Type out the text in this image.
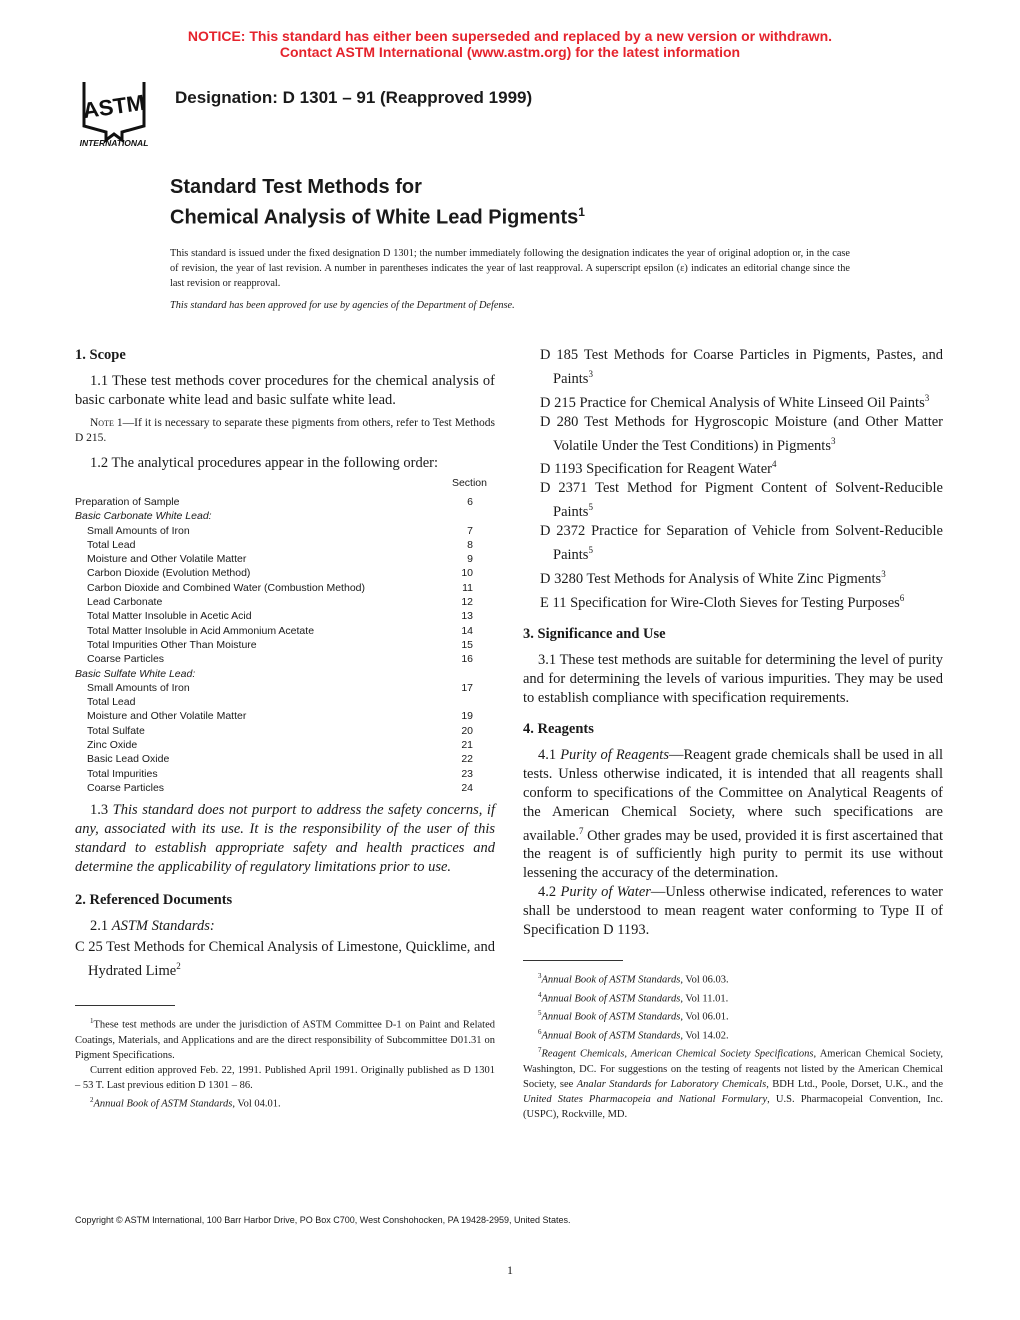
NOTICE: This standard has either been superseded and replaced by a new version or withdrawn.
Contact ASTM International (www.astm.org) for the latest information
ASTM
INTERNATIONAL
Designation: D 1301 – 91 (Reapproved 1999)
Standard Test Methods for
Chemical Analysis of White Lead Pigments$^1$
This standard is issued under the fixed designation D 1301; the number immediately following the designation indicates the year of original adoption or, in the case of revision, the year of last revision. A number in parentheses indicates the year of last reapproval. A superscript epsilon (ε) indicates an editorial change since the last revision or reapproval.
This standard has been approved for use by agencies of the Department of Defense.
1. Scope

1.1 These test methods cover procedures for the chemical analysis of basic carbonate white lead and basic sulfate white lead.

Note 1—If it is necessary to separate these pigments from others, refer to Test Methods D 215.

1.2 The analytical procedures appear in the following order:

Section
Preparation of Sample	6
Basic Carbonate White Lead:
Small Amounts of Iron	7
Total Lead	8
Moisture and Other Volatile Matter	9
Carbon Dioxide (Evolution Method)	10
Carbon Dioxide and Combined Water (Combustion Method)	11
Lead Carbonate	12
Total Matter Insoluble in Acetic Acid	13
Total Matter Insoluble in Acid Ammonium Acetate	14
Total Impurities Other Than Moisture	15
Coarse Particles	16
Basic Sulfate White Lead:
Small Amounts of Iron	17
Total Lead
Moisture and Other Volatile Matter	19
Total Sulfate	20
Zinc Oxide	21
Basic Lead Oxide	22
Total Impurities	23
Coarse Particles	24

1.3 This standard does not purport to address the safety concerns, if any, associated with its use. It is the responsibility of the user of this standard to establish appropriate safety and health practices and determine the applicability of regulatory limitations prior to use.

2. Referenced Documents

2.1 ASTM Standards:

C 25 Test Methods for Chemical Analysis of Limestone, Quicklime, and Hydrated Lime$^2$
$^1$These test methods are under the jurisdiction of ASTM Committee D-1 on Paint and Related Coatings, Materials, and Applications and are the direct responsibility of Subcommittee D01.31 on Pigment Specifications.
Current edition approved Feb. 22, 1991. Published April 1991. Originally published as D 1301 – 53 T. Last previous edition D 1301 – 86.
$^2$Annual Book of ASTM Standards, Vol 04.01.
D 185 Test Methods for Coarse Particles in Pigments, Pastes, and Paints$^3$
D 215 Practice for Chemical Analysis of White Linseed Oil Paints$^3$
D 280 Test Methods for Hygroscopic Moisture (and Other Matter Volatile Under the Test Conditions) in Pigments$^3$
D 1193 Specification for Reagent Water$^4$
D 2371 Test Method for Pigment Content of Solvent-Reducible Paints$^5$
D 2372 Practice for Separation of Vehicle from Solvent-Reducible Paints$^5$
D 3280 Test Methods for Analysis of White Zinc Pigments$^3$
E 11 Specification for Wire-Cloth Sieves for Testing Purposes$^6$
3. Significance and Use

3.1 These test methods are suitable for determining the level of purity and for determining the levels of various impurities. They may be used to establish compliance with specification requirements.

4. Reagents

4.1 Purity of Reagents—Reagent grade chemicals shall be used in all tests. Unless otherwise indicated, it is intended that all reagents shall conform to specifications of the Committee on Analytical Reagents of the American Chemical Society, where such specifications are available.$^7$ Other grades may be used, provided it is first ascertained that the reagent is of sufficiently high purity to permit its use without lessening the accuracy of the determination.

4.2 Purity of Water—Unless otherwise indicated, references to water shall be understood to mean reagent water conforming to Type II of Specification D 1193.

$^3$Annual Book of ASTM Standards, Vol 06.03.
$^4$Annual Book of ASTM Standards, Vol 11.01.
$^5$Annual Book of ASTM Standards, Vol 06.01.
$^6$Annual Book of ASTM Standards, Vol 14.02.
$^7$Reagent Chemicals, American Chemical Society Specifications, American Chemical Society, Washington, DC. For suggestions on the testing of reagents not listed by the American Chemical Society, see Analar Standards for Laboratory Chemicals, BDH Ltd., Poole, Dorset, U.K., and the United States Pharmacopeia and National Formulary, U.S. Pharmacopeial Convention, Inc. (USPC), Rockville, MD.
Copyright © ASTM International, 100 Barr Harbor Drive, PO Box C700, West Conshohocken, PA 19428-2959, United States.
1
